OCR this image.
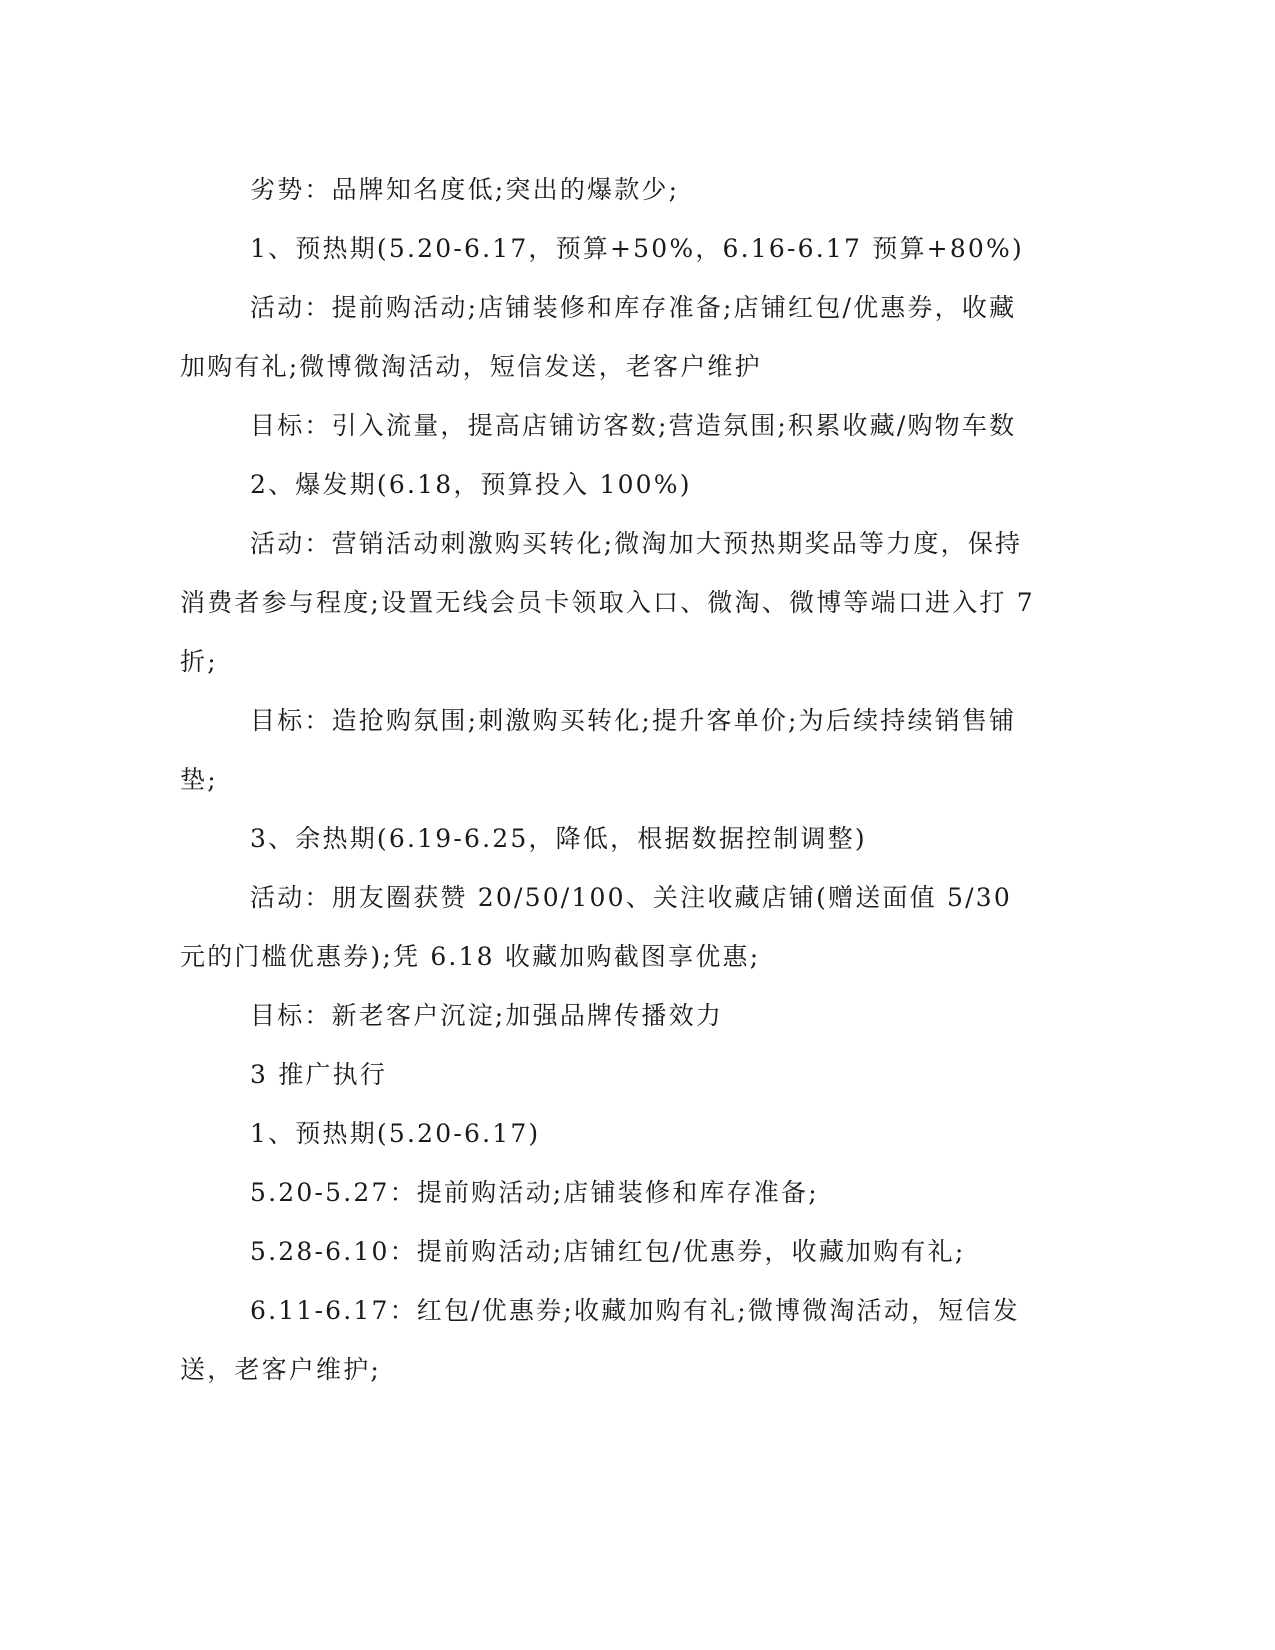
劣势：品牌知名度低;突出的爆款少;

1、预热期(5.20-6.17，预算+50%，6.16-6.17 预算+80%)

活动：提前购活动;店铺装修和库存准备;店铺红包/优惠券，收藏加购有礼;微博微淘活动，短信发送，老客户维护

目标：引入流量，提高店铺访客数;营造氛围;积累收藏/购物车数

2、爆发期(6.18，预算投入 100%)

活动：营销活动刺激购买转化;微淘加大预热期奖品等力度，保持消费者参与程度;设置无线会员卡领取入口、微淘、微博等端口进入打 7 折;

目标：造抢购氛围;刺激购买转化;提升客单价;为后续持续销售铺垫;

3、余热期(6.19-6.25，降低，根据数据控制调整)

活动：朋友圈获赞 20/50/100、关注收藏店铺(赠送面值 5/30 元的门槛优惠券);凭 6.18 收藏加购截图享优惠;

目标：新老客户沉淀;加强品牌传播效力

3 推广执行

1、预热期(5.20-6.17)

5.20-5.27：提前购活动;店铺装修和库存准备;

5.28-6.10：提前购活动;店铺红包/优惠券，收藏加购有礼;

6.11-6.17：红包/优惠券;收藏加购有礼;微博微淘活动，短信发送，老客户维护;
